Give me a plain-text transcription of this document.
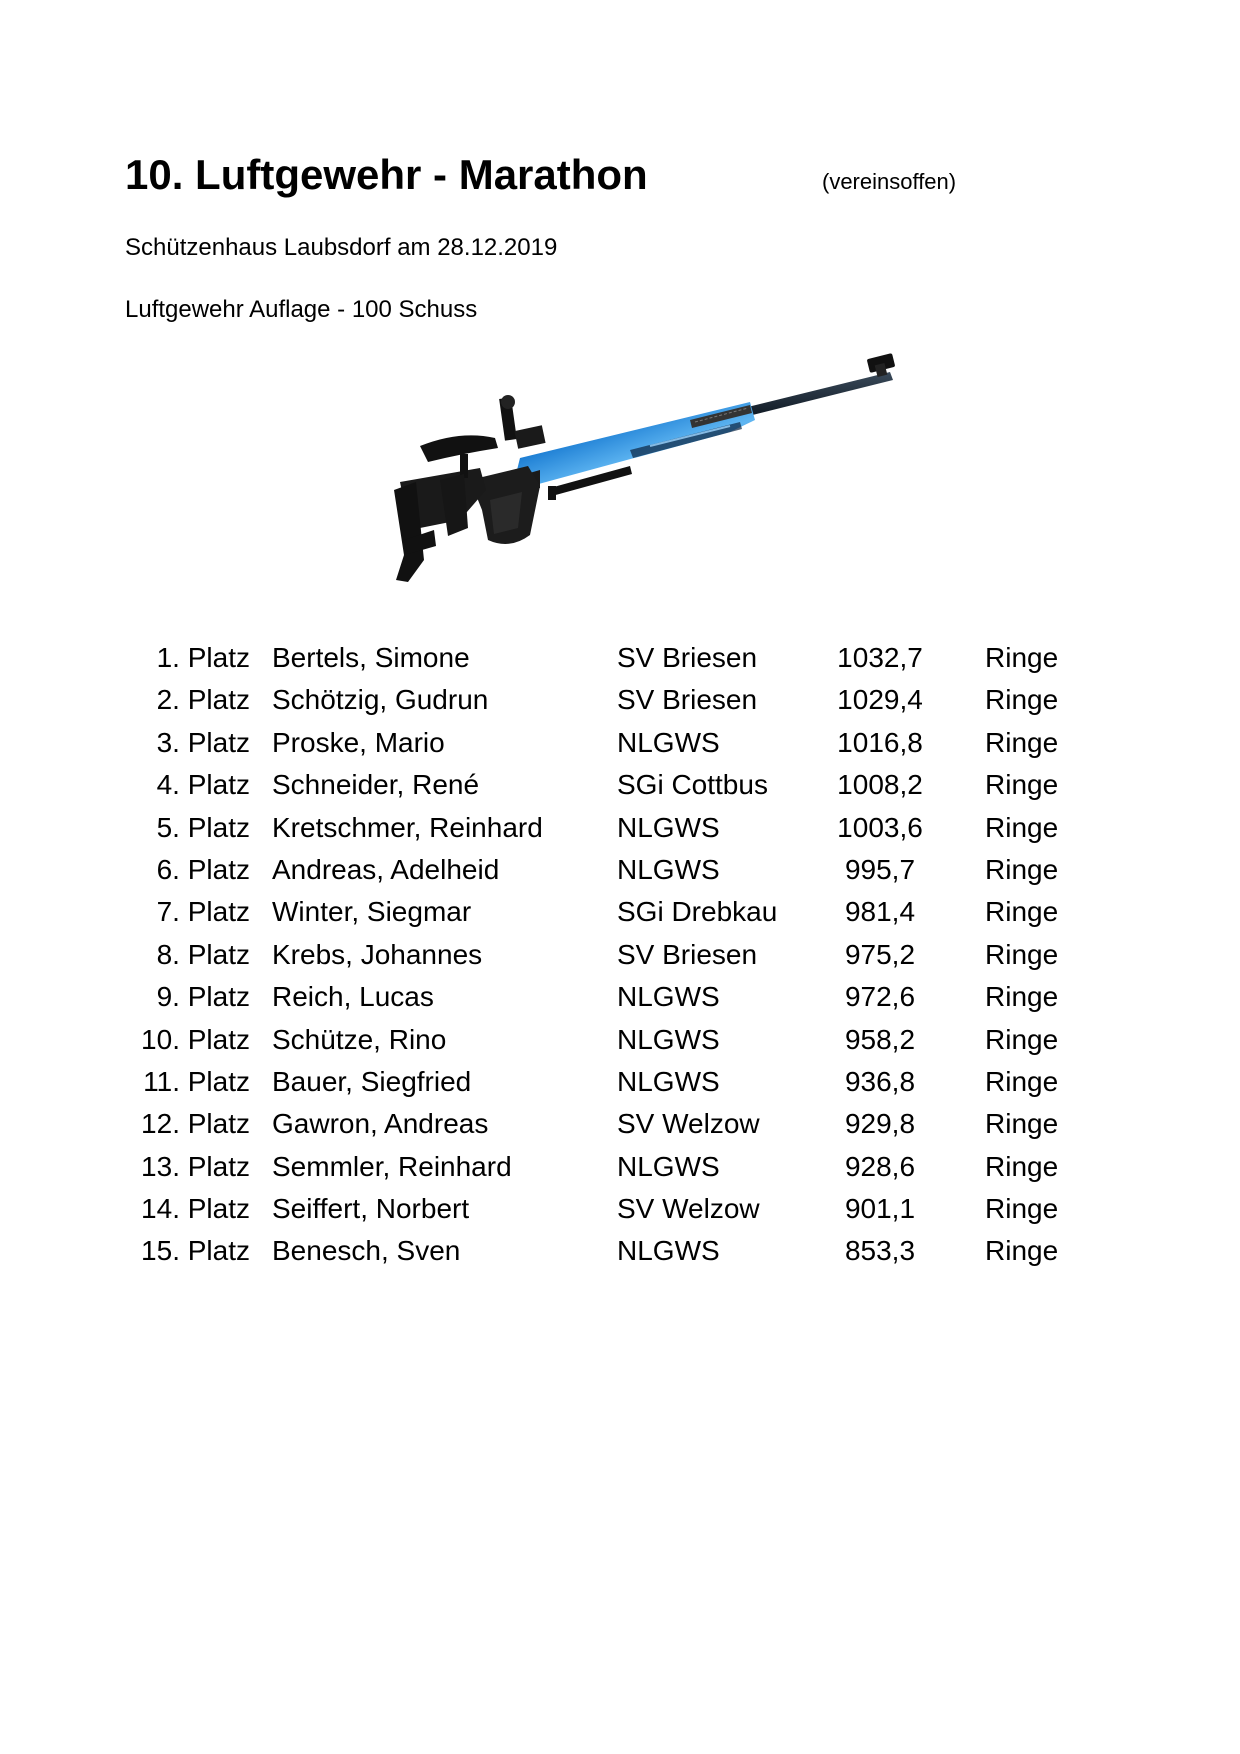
10. Luftgewehr - Marathon	(vereinsoffen)
Schützenhaus Laubsdorf am 28.12.2019
Luftgewehr Auflage - 100 Schuss
1. Platz Bertels, Simone	SV Briesen	1032,7	Ringe
2. Platz Schötzig, Gudrun	SV Briesen	1029,4	Ringe
3. Platz Proske, Mario	NLGWS	1016,8	Ringe
4. Platz Schneider, René	SGi Cottbus	1008,2	Ringe
5. Platz Kretschmer, Reinhard	NLGWS	1003,6	Ringe
6. Platz Andreas, Adelheid	NLGWS	995,7	Ringe
7. Platz Winter, Siegmar	SGi Drebkau	981,4	Ringe
8. Platz Krebs, Johannes	SV Briesen	975,2	Ringe
9. Platz Reich, Lucas	NLGWS	972,6	Ringe
10. Platz Schütze, Rino	NLGWS	958,2	Ringe
11. Platz Bauer, Siegfried	NLGWS	936,8	Ringe
12. Platz Gawron, Andreas	SV Welzow	929,8	Ringe
13. Platz Semmler, Reinhard	NLGWS	928,6	Ringe
14. Platz Seiffert, Norbert	SV Welzow	901,1	Ringe
15. Platz Benesch, Sven	NLGWS	853,3	Ringe
